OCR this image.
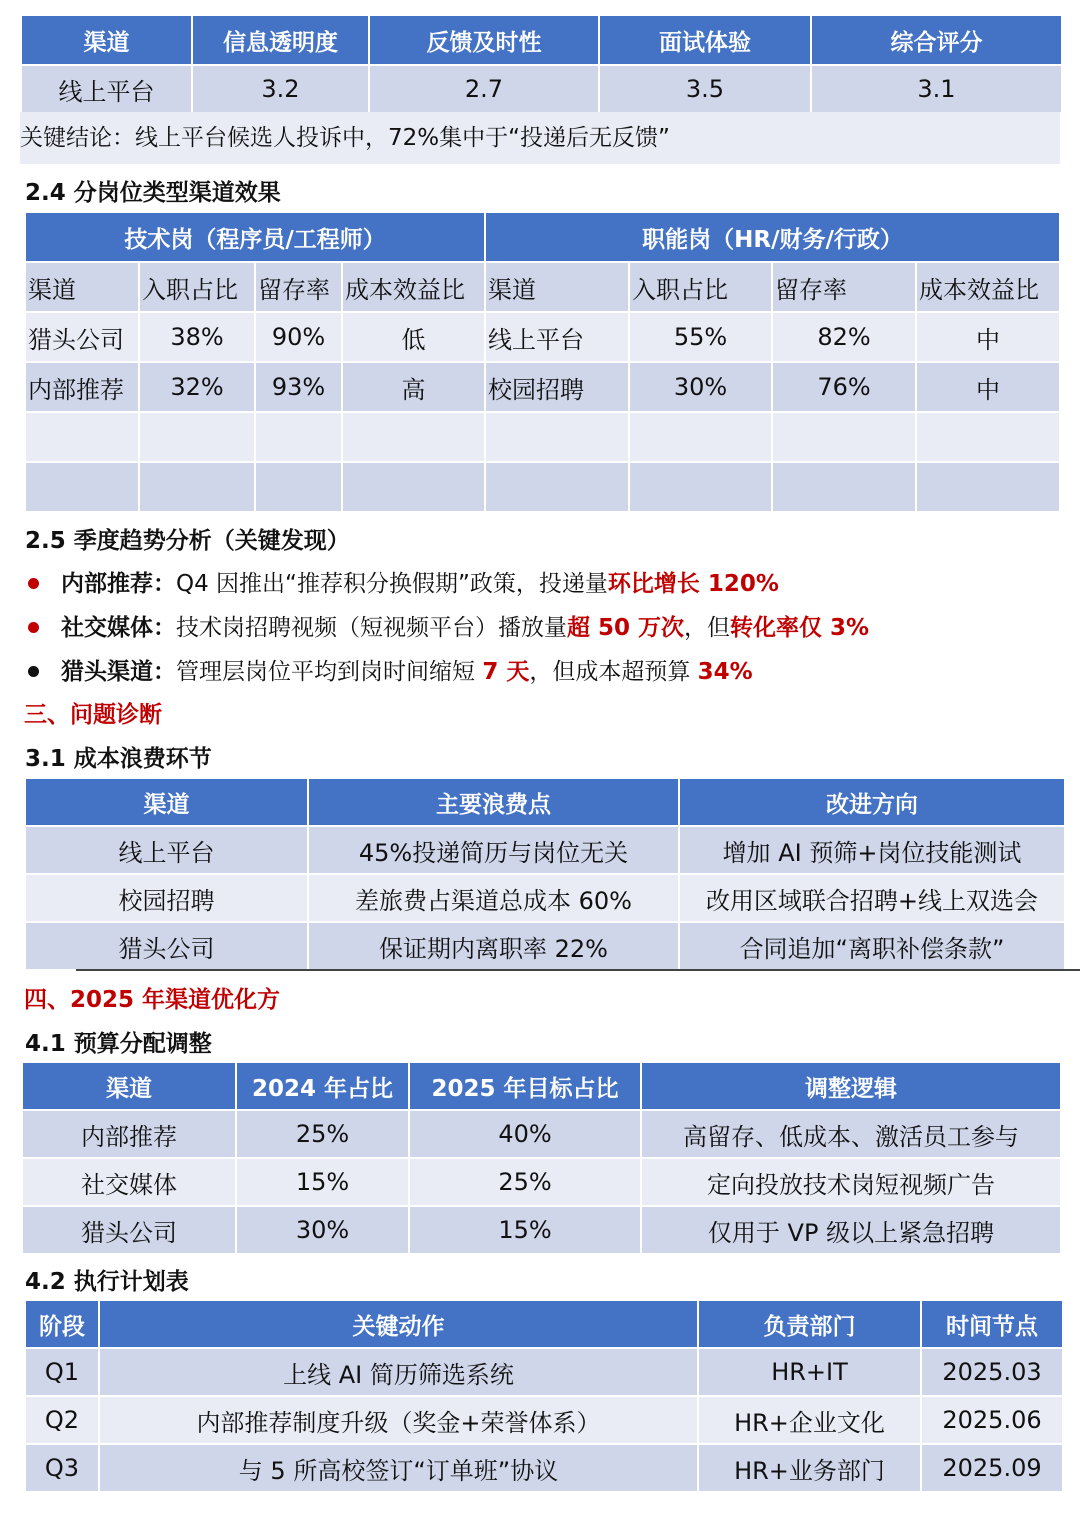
渠道	信息透明度	反馈及时性	面试体验	综合评分
线上平台	3.2	2.7	3.5	3.1
关键结论：线上平台候选人投诉中，72%集中于“投递后无反馈”
2.4 分岗位类型渠道效果
技术岗（程序员/工程师）				职能岗（HR/财务/行政）			
渠道	入职占比	留存率	成本效益比	渠道	入职占比	留存率	成本效益比
猎头公司	38%	90%	低	线上平台	55%	82%	中
内部推荐	32%	93%	高	校园招聘	30%	76%	中

2.5 季度趋势分析（关键发现）
内部推荐：Q4 因推出“推荐积分换假期”政策，投递量环比增长 120%
社交媒体：技术岗招聘视频（短视频平台）播放量超 50 万次，但转化率仅 3%
猎头渠道：管理层岗位平均到岗时间缩短 7 天，但成本超预算 34%
三、问题诊断
3.1 成本浪费环节
渠道	主要浪费点	改进方向
线上平台	45%投递简历与岗位无关	增加 AI 预筛+岗位技能测试
校园招聘	差旅费占渠道总成本 60%	改用区域联合招聘+线上双选会
猎头公司	保证期内离职率 22%	合同追加“离职补偿条款”
四、2025 年渠道优化方
4.1 预算分配调整
渠道	2024 年占比	2025 年目标占比	调整逻辑
内部推荐	25%	40%	高留存、低成本、激活员工参与
社交媒体	15%	25%	定向投放技术岗短视频广告
猎头公司	30%	15%	仅用于 VP 级以上紧急招聘
4.2 执行计划表
阶段	关键动作	负责部门	时间节点
Q1	上线 AI 简历筛选系统	HR+IT	2025.03
Q2	内部推荐制度升级（奖金+荣誉体系）	HR+企业文化	2025.06
Q3	与 5 所高校签订“订单班”协议	HR+业务部门	2025.09
